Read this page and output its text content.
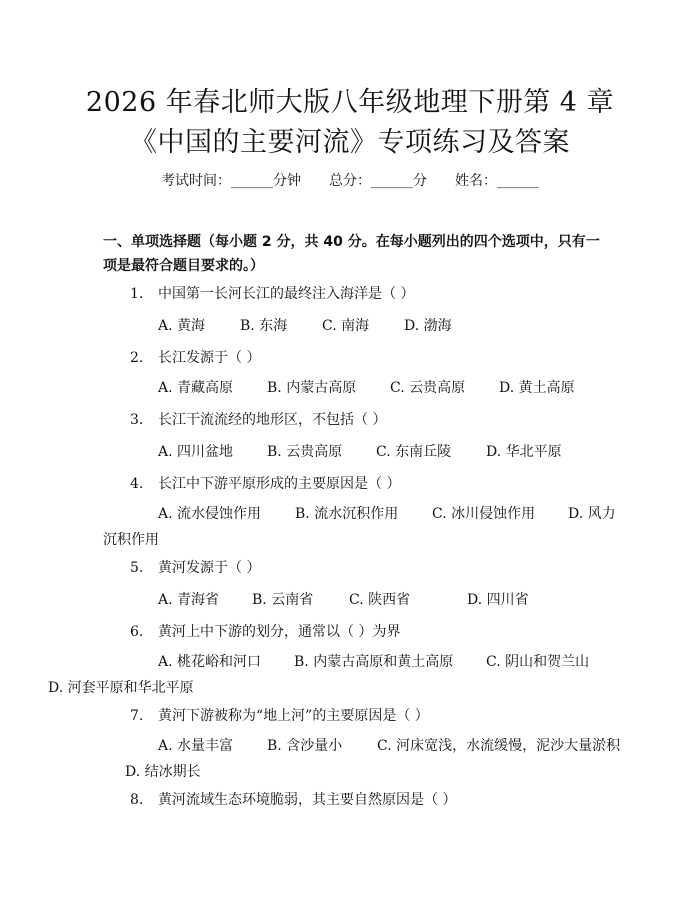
2026 年春北师大版八年级地理下册第 4 章
《中国的主要河流》专项练习及答案
考试时间：______分钟 总分：______分 姓名：______
一、单项选择题（每小题 2 分，共 40 分。在每小题列出的四个选项中，只有一项是最符合题目要求的。）
1. 中国第一长河长江的最终注入海洋是（ ）
A. 黄海 B. 东海 C. 南海 D. 渤海
2. 长江发源于（ ）
A. 青藏高原 B. 内蒙古高原 C. 云贵高原 D. 黄土高原
3. 长江干流流经的地形区，不包括（ ）
A. 四川盆地 B. 云贵高原 C. 东南丘陵 D. 华北平原
4. 长江中下游平原形成的主要原因是（ ）
A. 流水侵蚀作用 B. 流水沉积作用 C. 冰川侵蚀作用 D. 风力沉积作用
5. 黄河发源于（ ）
A. 青海省 B. 云南省	C. 陕西省	D. 四川省
6. 黄河上中下游的划分，通常以（ ）为界
A. 桃花峪和河口 B. 内蒙古高原和黄土高原 C. 阴山和贺兰山
D. 河套平原和华北平原
7. 黄河下游被称为“地上河”的主要原因是（ ）
A. 水量丰富 B. 含沙量小 C. 河床宽浅，水流缓慢，泥沙大量淤积D. 结冰期长
8. 黄河流域生态环境脆弱，其主要自然原因是（ ）
